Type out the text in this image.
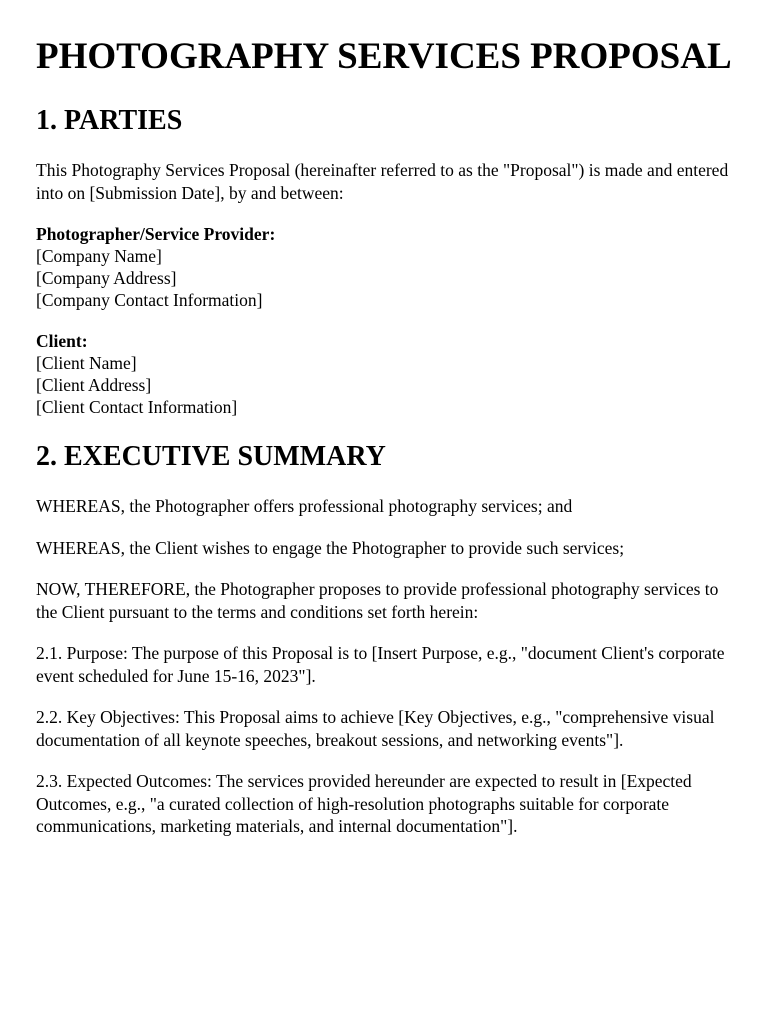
PHOTOGRAPHY SERVICES PROPOSAL
1. PARTIES

This Photography Services Proposal (hereinafter referred to as the "Proposal") is made and entered into on [Submission Date], by and between:

Photographer/Service Provider:
[Company Name]
[Company Address]
[Company Contact Information]
Client:
[Client Name]
[Client Address]
[Client Contact Information]
2. EXECUTIVE SUMMARY

WHEREAS, the Photographer offers professional photography services; and

WHEREAS, the Client wishes to engage the Photographer to provide such services;

NOW, THEREFORE, the Photographer proposes to provide professional photography services to the Client pursuant to the terms and conditions set forth herein:

2.1. Purpose: The purpose of this Proposal is to [Insert Purpose, e.g., "document Client's corporate event scheduled for June 15-16, 2023"].

2.2. Key Objectives: This Proposal aims to achieve [Key Objectives, e.g., "comprehensive visual documentation of all keynote speeches, breakout sessions, and networking events"].

2.3. Expected Outcomes: The services provided hereunder are expected to result in [Expected Outcomes, e.g., "a curated collection of high-resolution photographs suitable for corporate communications, marketing materials, and internal documentation"].
